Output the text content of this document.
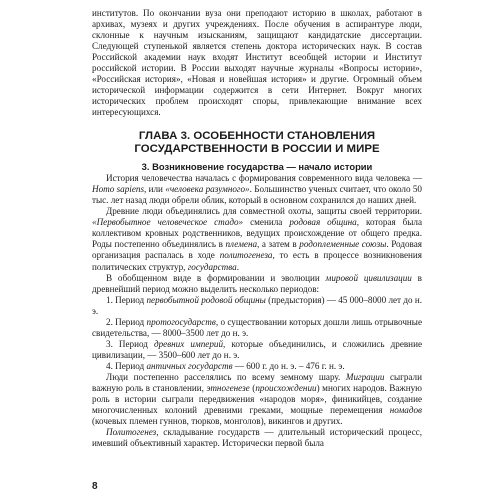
институтов. По окончании вуза они преподают историю в школах, работают в архивах, музеях и других учреждениях. После обучения в аспирантуре люди, склонные к научным изысканиям, защищают кандидатские диссертации. Следующей ступенькой является степень доктора исторических наук. В состав Российской академии наук входят Институт всеобщей истории и Институт российской истории. В России выходят научные журналы «Вопросы истории», «Российская история», «Новая и новейшая история» и другие. Огромный объем исторической информации содержится в сети Интернет. Вокруг многих исторических проблем происходят споры, привлекающие внимание всех интересующихся.

ГЛАВА 3. ОСОБЕННОСТИ СТАНОВЛЕНИЯ ГОСУДАРСТВЕННОСТИ В РОССИИ И МИРЕ
3. Возникновение государства — начало истории

История человечества началась с формирования современного вида человека — Homo sapiens, или «человека разумного». Большинство ученых считает, что около 50 тыс. лет назад люди обрели облик, который в основном сохранился до наших дней.

Древние люди объединялись для совместной охоты, защиты своей территории. «Первобытное человеческое стадо» сменила родовая община, которая была коллективом кровных родственников, ведущих происхождение от общего предка. Роды постепенно объединялись в племена, а затем в родоплеменные союзы. Родовая организация распалась в ходе политогенеза, то есть в процессе возникновения политических структур, государства.

В обобщенном виде в формировании и эволюции мировой цивилизации в древнейший период можно выделить несколько периодов:

1. Период первобытной родовой общины (предыстория) — 45 000–8000 лет до н. э.

2. Период протогосударств, о существовании которых дошли лишь отрывочные свидетельства, — 8000–3500 лет до н. э.

3. Период древних империй, которые объединились, и сложились древние цивилизации, — 3500–600 лет до н. э.

4. Период античных государств — 600 г. до н. э. – 476 г. н. э.

Люди постепенно расселялись по всему земному шару. Миграции сыграли важную роль в становлении, этногенезе (происхождении) многих народов. Важную роль в истории сыграли передвижения «народов моря», финикийцев, создание многочисленных колоний древними греками, мощные перемещения номадов (кочевых племен гуннов, тюрков, монголов), викингов и других.

Политогенез, складывание государств — длительный исторический процесс, имевший объективный характер. Исторически первой была

8
